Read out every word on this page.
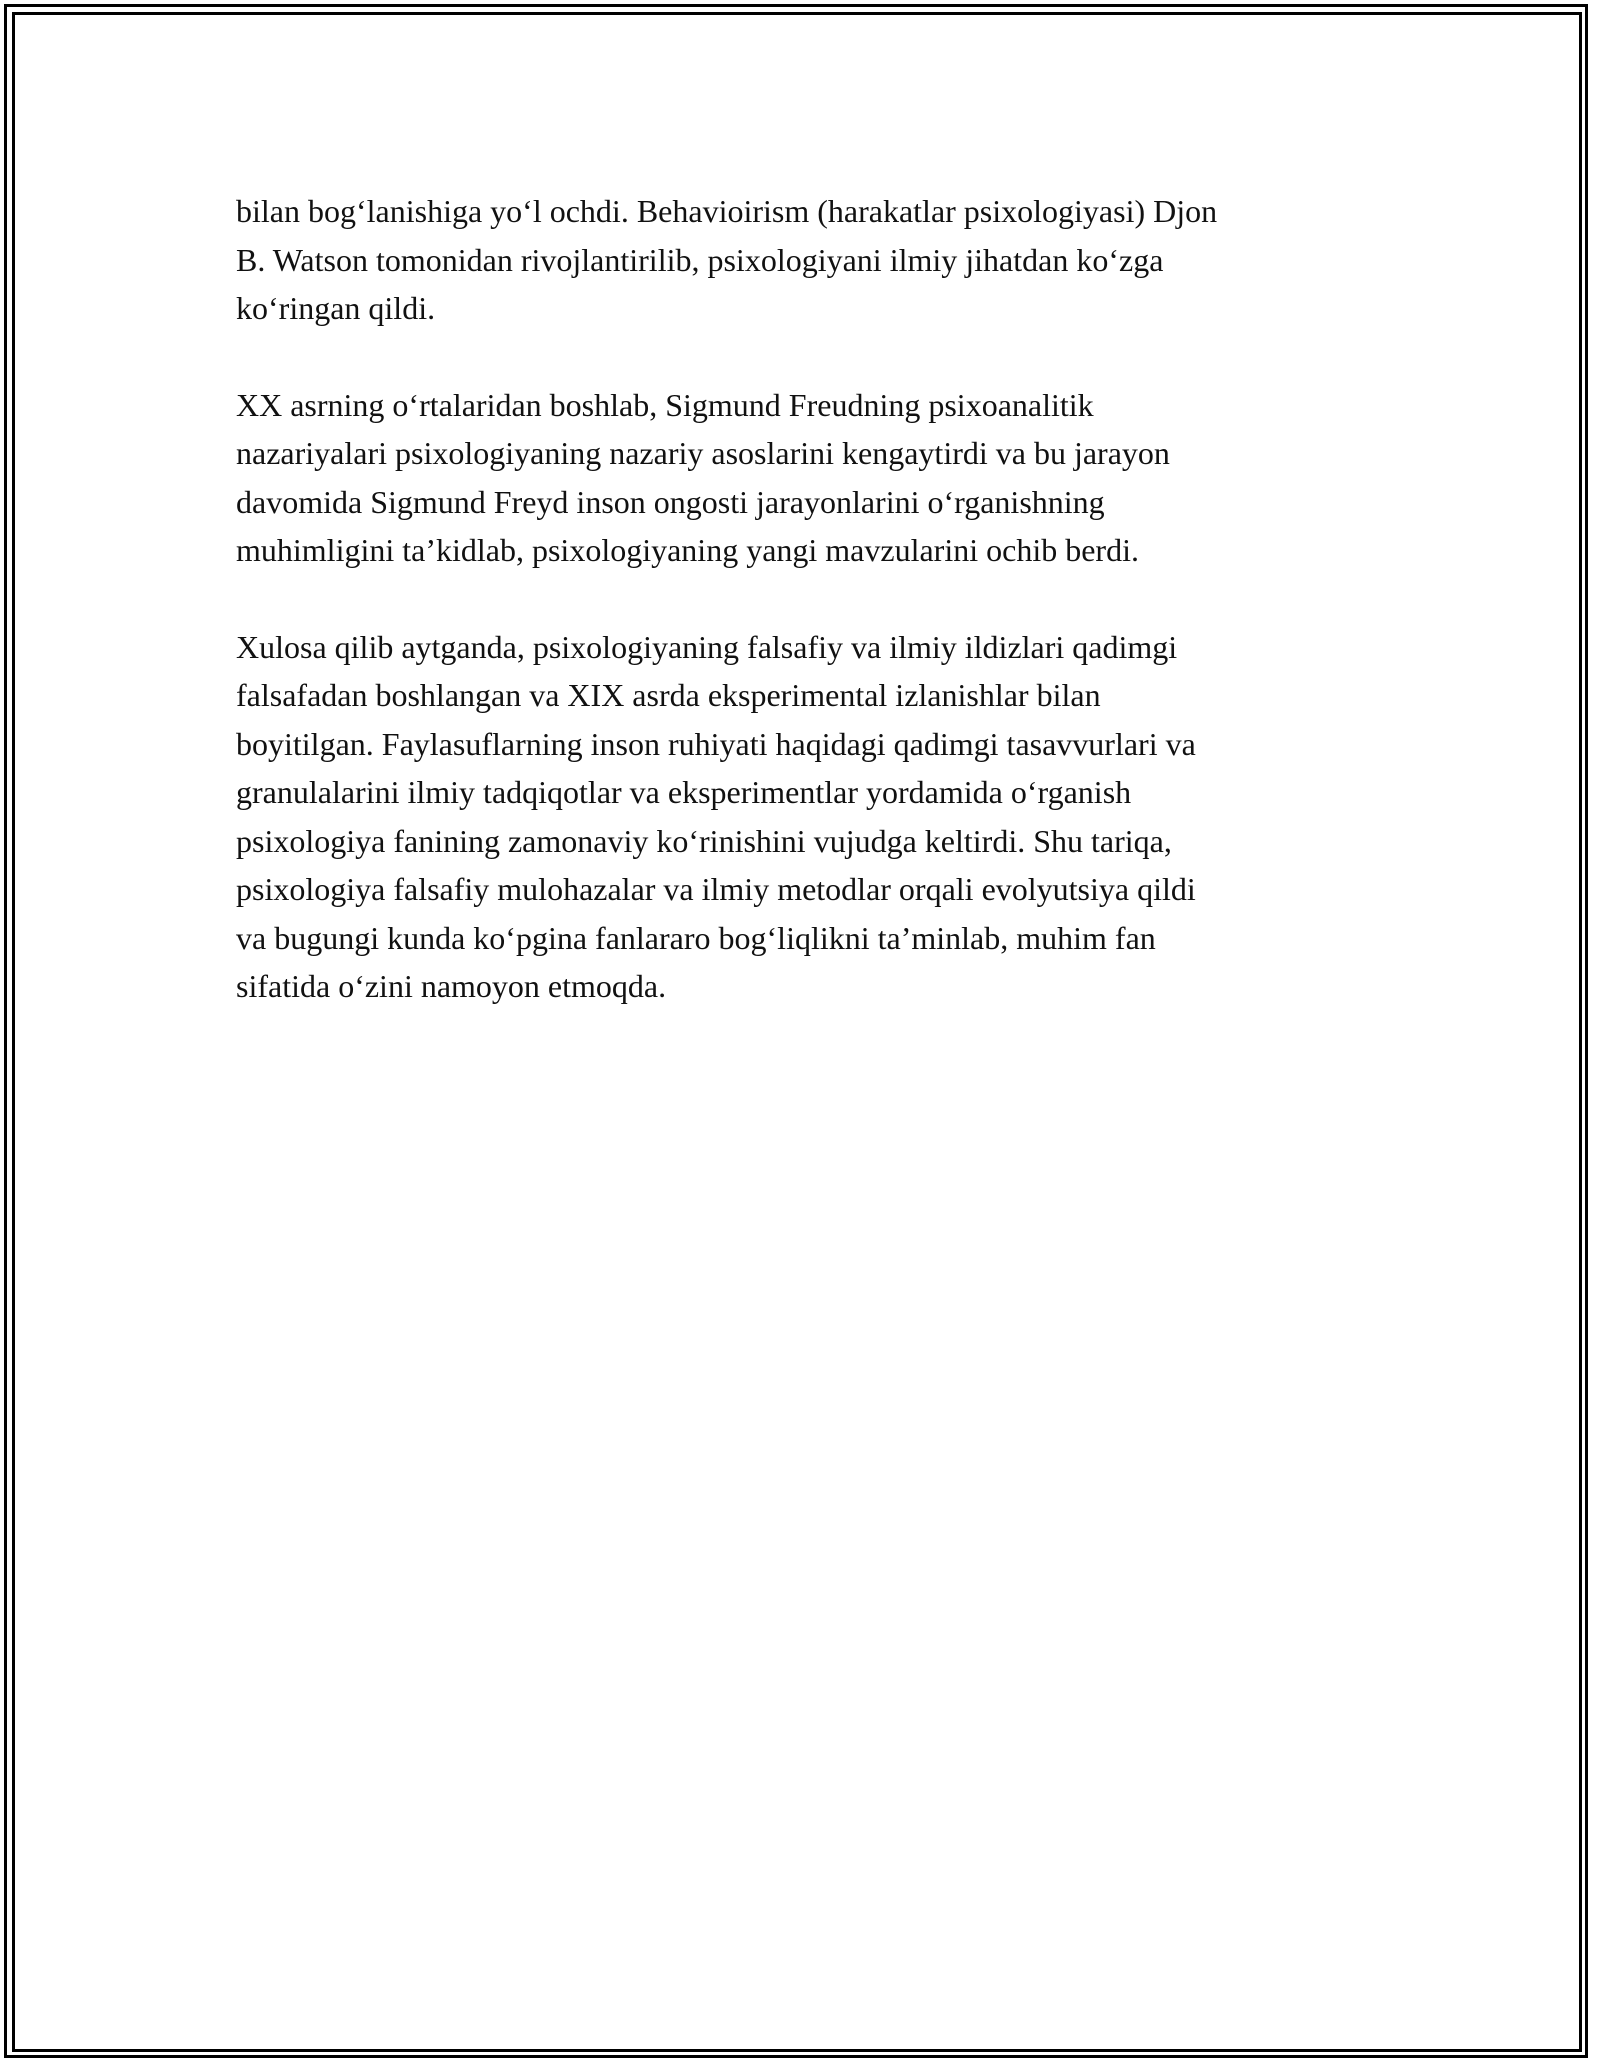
bilan bog‘lanishiga yo‘l ochdi. Behavioirism (harakatlar psixologiyasi) Djon
B. Watson tomonidan rivojlantirilib, psixologiyani ilmiy jihatdan ko‘zga
ko‘ringan qildi.

XX asrning o‘rtalaridan boshlab, Sigmund Freudning psixoanalitik
nazariyalari psixologiyaning nazariy asoslarini kengaytirdi va bu jarayon
davomida Sigmund Freyd inson ongosti jarayonlarini o‘rganishning
muhimligini ta’kidlab, psixologiyaning yangi mavzularini ochib berdi.

Xulosa qilib aytganda, psixologiyaning falsafiy va ilmiy ildizlari qadimgi
falsafadan boshlangan va XIX asrda eksperimental izlanishlar bilan
boyitilgan. Faylasuflarning inson ruhiyati haqidagi qadimgi tasavvurlari va
granulalarini ilmiy tadqiqotlar va eksperimentlar yordamida o‘rganish
psixologiya fanining zamonaviy ko‘rinishini vujudga keltirdi. Shu tariqa,
psixologiya falsafiy mulohazalar va ilmiy metodlar orqali evolyutsiya qildi
va bugungi kunda ko‘pgina fanlararo bog‘liqlikni ta’minlab, muhim fan
sifatida o‘zini namoyon etmoqda.
